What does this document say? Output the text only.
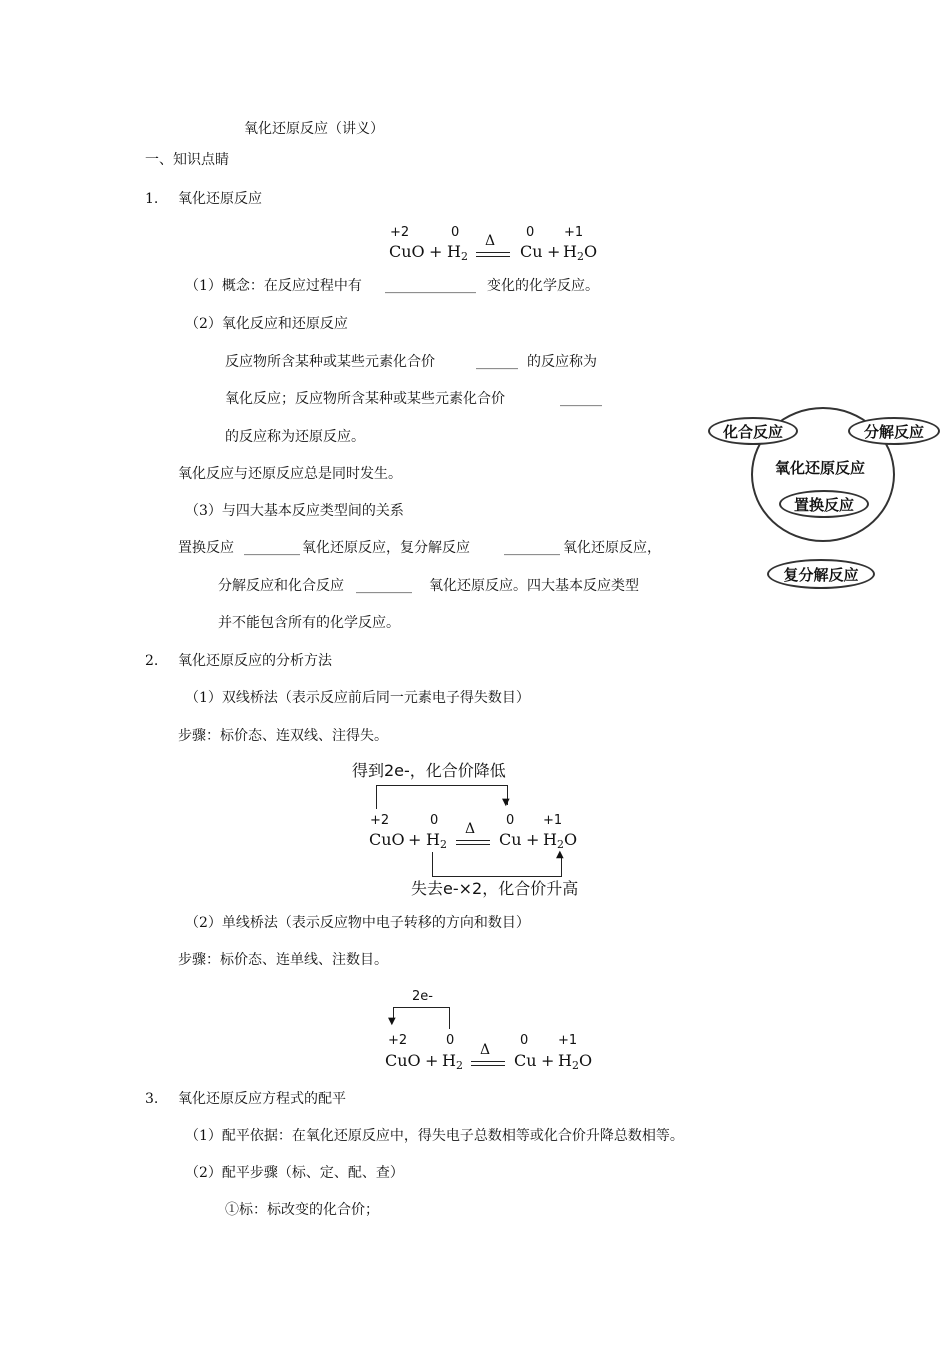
氧化还原反应（讲义）
一、知识点睛
1. 氧化还原反应
+2	0	0 +1
CuO + $H_2$
Δ
$Cu + H_2O$
（1）概念：在反应过程中有 _____________ 变化的化学反应。
（2）氧化反应和还原反应
反应物所含某种或某些元素化合价	______ 的反应称为
氧化反应；反应物所含某种或某些元素化合价	______
的反应称为还原反应。
氧化反应与还原反应总是同时发生。
（3）与四大基本反应类型间的关系
置换反应 ________ 氧化还原反应，复分解反应 ________ 氧化还原反应，
分解反应和化合反应 ________ 氧化还原反应。四大基本反应类型
并不能包含所有的化学反应。
2. 氧化还原反应的分析方法
（1）双线桥法（表示反应前后同一元素电子得失数目）
步骤：标价态、连双线、注得失。
得到2e-，化合价降低
▼
+2	0	0 +1
CuO + $H_2$
Δ
$Cu + H_2O$
▲
失去e-×2，化合价升高
（2）单线桥法（表示反应物中电子转移的方向和数目）
步骤：标价态、连单线、注数目。
2e-
▼
+2	0	0 +1
CuO + $H_2$
Δ
$Cu + H_2O$
3. 氧化还原反应方程式的配平
（1）配平依据：在氧化还原反应中，得失电子总数相等或化合价升降总数相等。
（2）配平步骤（标、定、配、查）
①标：标改变的化合价；
化合反应	分解反应
氧化还原反应
置换反应
复分解反应
